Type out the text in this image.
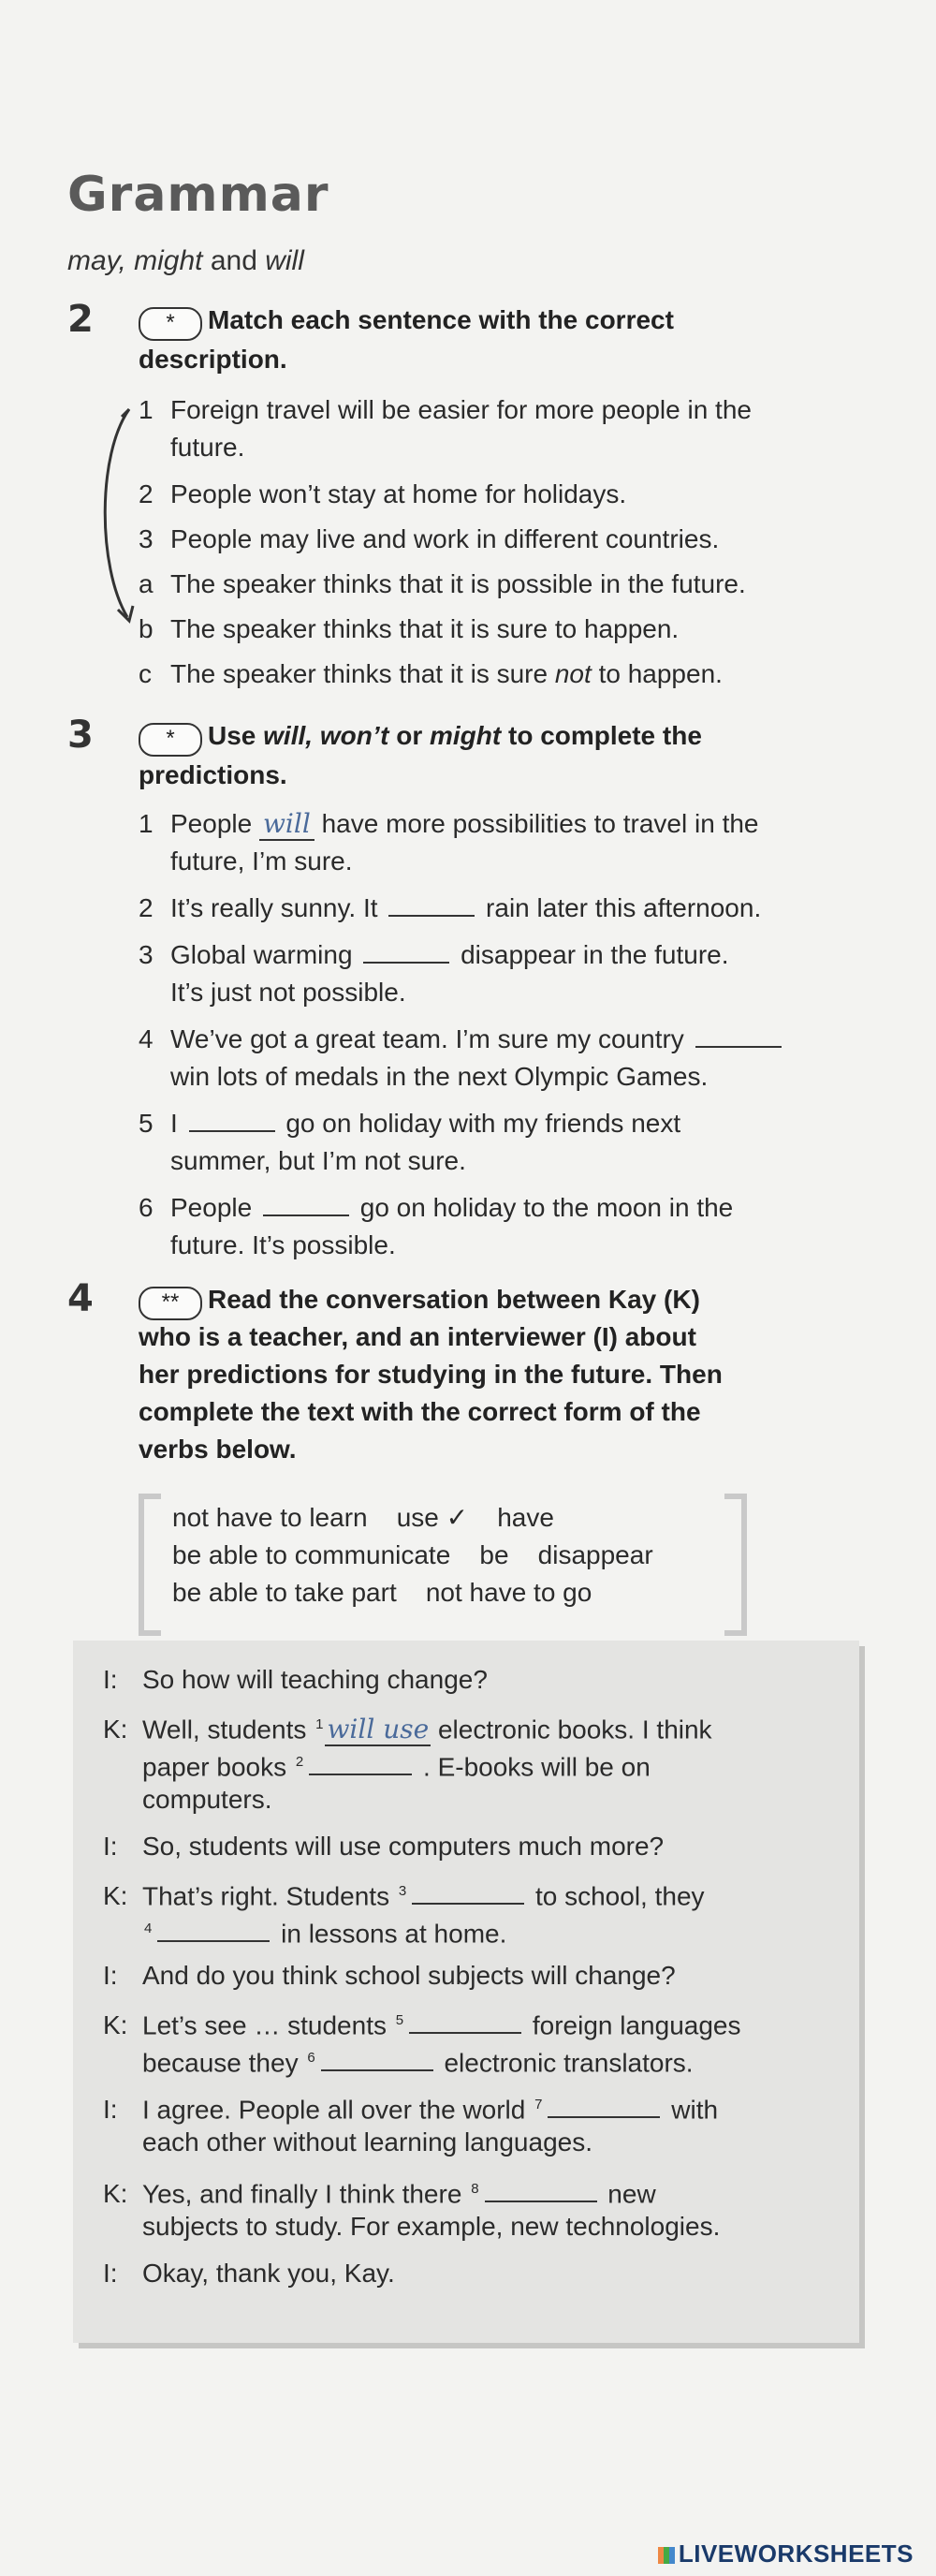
Grammar
may, might and will
2	*	Match each sentence with the correct
description.
1 Foreign travel will be easier for more people in the
future.
2 People won’t stay at home for holidays.
3 People may live and work in different countries.
a The speaker thinks that it is possible in the future.
b The speaker thinks that it is sure to happen.
c The speaker thinks that it is sure not to happen.
3	*	Use will, won’t or might to complete the
predictions.
1 People will have more possibilities to travel in the
future, I’m sure.
2 It’s really sunny. It	rain later this afternoon.
3 Global warming	disappear in the future.
It’s just not possible.
4 We’ve got a great team. I’m sure my country
win lots of medals in the next Olympic Games.
5 I	go on holiday with my friends next
summer, but I’m not sure.
6 People	go on holiday to the moon in the
future. It’s possible.
4	**	Read the conversation between Kay (K)
who is a teacher, and an interviewer (I) about
her predictions for studying in the future. Then
complete the text with the correct form of the
verbs below.
not have to learn    use ✓    have
be able to communicate    be    disappear
be able to take part    not have to go
I: So how will teaching change?
K: Well, students $^1$ will use electronic books. I think
paper books $^2$	. E-books will be on
computers.
I: So, students will use computers much more?
K: That’s right. Students $^3$	to school, they
$^4$	in lessons at home.
I: And do you think school subjects will change?
K: Let’s see … students $^5$	foreign languages
because they $^6$	electronic translators.
I: I agree. People all over the world $^7$	with
each other without learning languages.
K: Yes, and finally I think there $^8$	new
subjects to study. For example, new technologies.
I: Okay, thank you, Kay.
LIVEWORKSHEETS
